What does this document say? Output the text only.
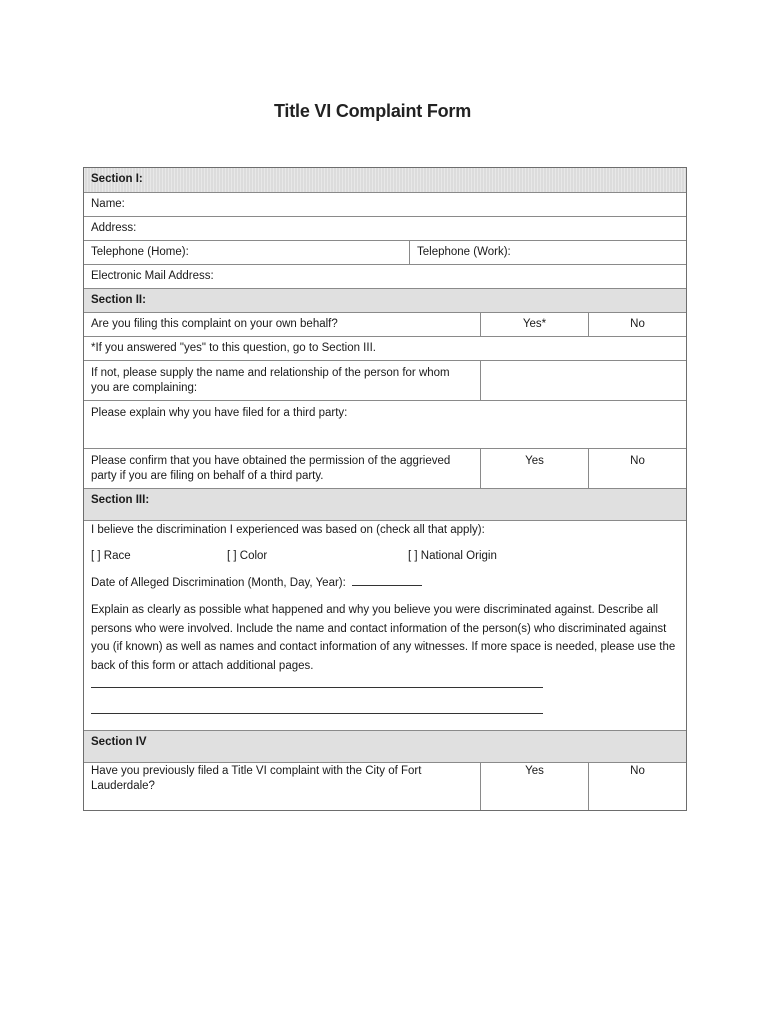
Title VI Complaint Form
Section I:
Name:
Address:
Telephone (Home):	Telephone (Work):
Electronic Mail Address:
Section II:
Are you filing this complaint on your own behalf?	Yes*	No
*If you answered "yes" to this question, go to Section III.
If not, please supply the name and relationship of the person for whom
you are complaining:
Please explain why you have filed for a third party:
Please confirm that you have obtained the permission of the aggrieved
party if you are filing on behalf of a third party.
Yes	No
Section III:
I believe the discrimination I experienced was based on (check all that apply):
[ ] Race	[ ] Color	[ ] National Origin
Date of Alleged Discrimination (Month, Day, Year):
Explain as clearly as possible what happened and why you believe you were discriminated against. Describe all
persons who were involved. Include the name and contact information of the person(s) who discriminated against
you (if known) as well as names and contact information of any witnesses. If more space is needed, please use the
back of this form or attach additional pages.
Section IV
Have you previously filed a Title VI complaint with the City of Fort
Lauderdale?
Yes	No
